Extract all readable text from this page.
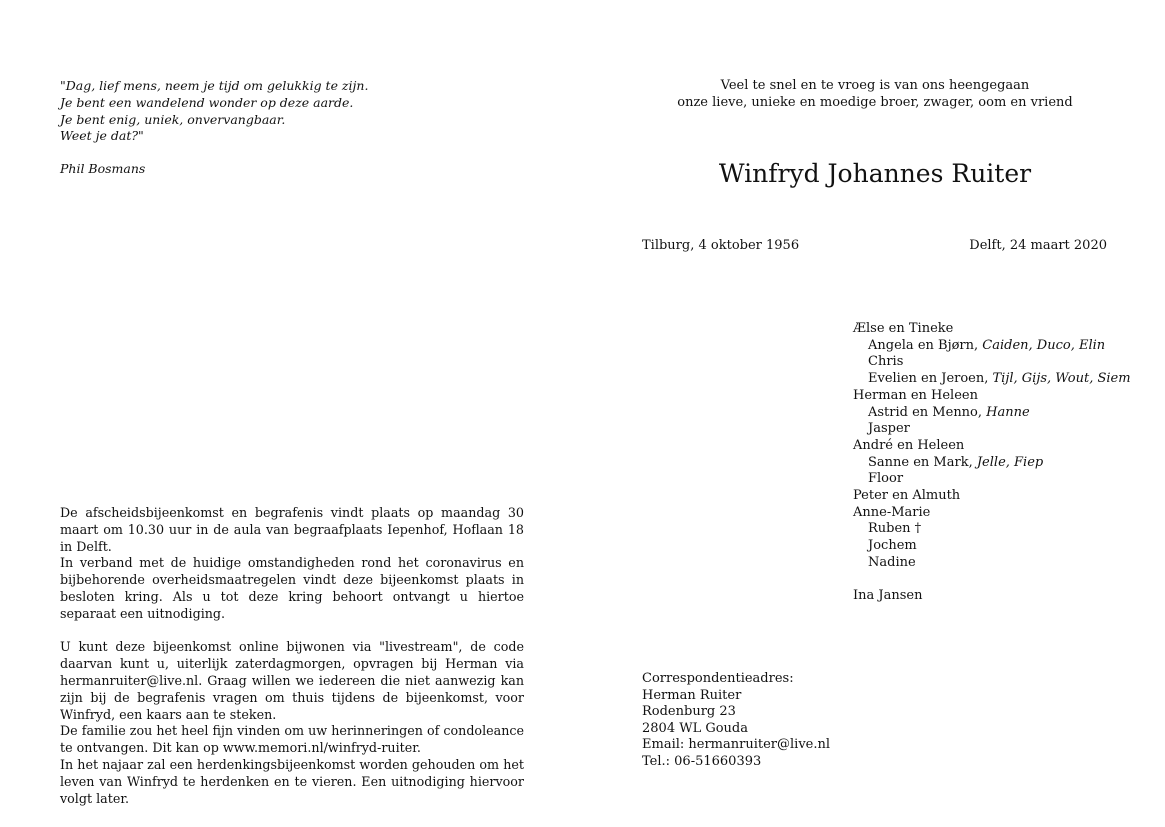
"Dag, lief mens, neem je tijd om gelukkig te zijn.
Je bent een wandelend wonder op deze aarde.
Je bent enig, uniek, onvervangbaar.
Weet je dat?"
Phil Bosmans
Veel te snel en te vroeg is van ons heengegaan
onze lieve, unieke en moedige broer, zwager, oom en vriend
Winfryd Johannes Ruiter
Tilburg, 4 oktober 1956	Delft, 24 maart 2020
Ælse en Tineke
Angela en Bjørn, Caiden, Duco, Elin
Chris
Evelien en Jeroen, Tijl, Gijs, Wout, Siem
Herman en Heleen
Astrid en Menno, Hanne
Jasper
André en Heleen
Sanne en Mark, Jelle, Fiep
Floor
Peter en Almuth
Anne-Marie
Ruben †
Jochem
Nadine
Ina Jansen
De afscheidsbijeenkomst en begrafenis vindt plaats op maandag 30 maart om 10.30 uur in de aula van begraafplaats Iepenhof, Hoflaan 18 in Delft.
In verband met de huidige omstandigheden rond het coronavirus en bijbehorende overheidsmaatregelen vindt deze bijeenkomst plaats in besloten kring. Als u tot deze kring behoort ontvangt u hiertoe separaat een uitnodiging.
U kunt deze bijeenkomst online bijwonen via "livestream", de code daarvan kunt u, uiterlijk zaterdagmorgen, opvragen bij Herman via hermanruiter@live.nl. Graag willen we iedereen die niet aanwezig kan zijn bij de begrafenis vragen om thuis tijdens de bijeenkomst, voor Winfryd, een kaars aan te steken.
De familie zou het heel fijn vinden om uw herinneringen of condoleance te ontvangen. Dit kan op www.memori.nl/winfryd-ruiter.
In het najaar zal een herdenkingsbijeenkomst worden gehouden om het leven van Winfryd te herdenken en te vieren. Een uitnodiging hiervoor volgt later.
Correspondentieadres:
Herman Ruiter
Rodenburg 23
2804 WL Gouda
Email: hermanruiter@live.nl
Tel.: 06-51660393
